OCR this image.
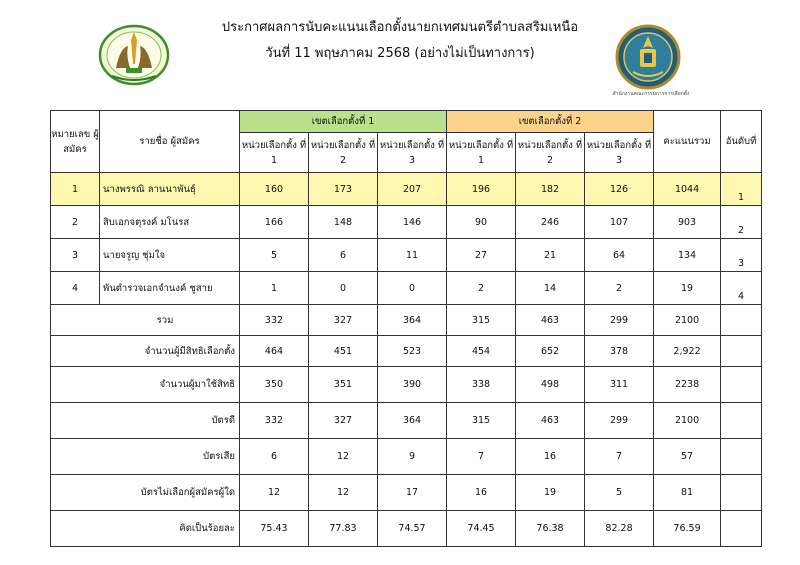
ประกาศผลการนับคะแนนเลือกตั้งนายกเทศมนตรีตำบลสริมเหนือ
วันที่ 11 พฤษภาคม 2568 (อย่างไม่เป็นทางการ)
สำนักงานคณะกรรมการการเลือกตั้ง
หมายเลข ผู้สมัคร	รายชื่อ ผู้สมัคร	เขตเลือกตั้งที่ 1			เขตเลือกตั้งที่ 2			คะแนนรวม	อันดับที่
		หน่วยเลือกตั้ง ที่ 1	หน่วยเลือกตั้ง ที่ 2	หน่วยเลือกตั้ง ที่ 3	หน่วยเลือกตั้ง ที่ 1	หน่วยเลือกตั้ง ที่ 2	หน่วยเลือกตั้ง ที่ 3		
1	นางพรรณิ ลานนาพันธุ์	160	173	207	196	182	126	1044	1
2	สิบเอกจตุรงค์ มโนรส	166	148	146	90	246	107	903	2
3	นายจรูญ ชุ่มใจ	5	6	11	27	21	64	134	3
4	พันตำรวจเอกจำนงค์ ชูสาย	1	0	0	2	14	2	19	4
รวม		332	327	364	315	463	299	2100	
จำนวนผู้มีสิทธิเลือกตั้ง		464	451	523	454	652	378	2,922	
จำนวนผู้มาใช้สิทธิ		350	351	390	338	498	311	2238	
บัตรดี		332	327	364	315	463	299	2100	
บัตรเสีย		6	12	9	7	16	7	57	
บัตรไม่เลือกผู้สมัครผู้ใด		12	12	17	16	19	5	81	
คิดเป็นร้อยละ		75.43	77.83	74.57	74.45	76.38	82.28	76.59	
